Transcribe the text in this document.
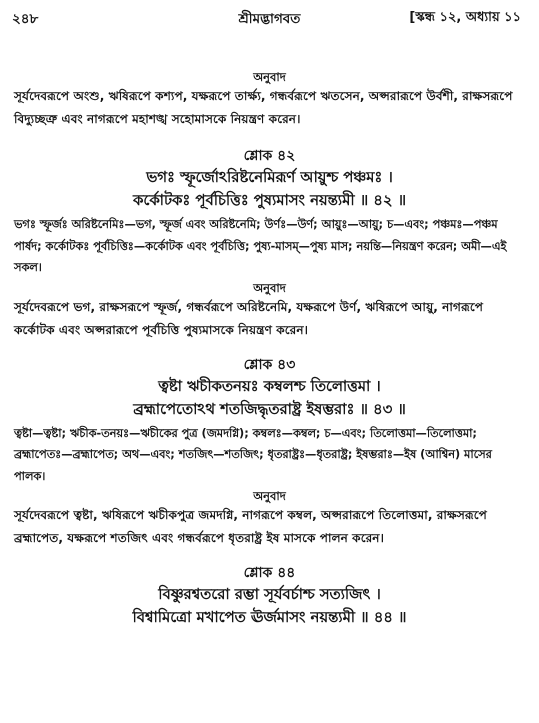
২৪৮	শ্রীমদ্ভাগবত	[স্কন্ধ ১২, অধ্যায় ১১
অনুবাদ
সূর্যদেবরূপে অংশু, ঋষিরূপে কশ্যপ, যক্ষরূপে তার্ক্ষ্য, গন্ধর্বরূপে ঋতসেন, অপ্সরারূপে উর্বশী, রাক্ষসরূপে বিদ্যুচ্ছত্রু এবং নাগরূপে মহাশঙ্খ সহোমাসকে নিয়ন্ত্রণ করেন।
শ্লোক ৪২
ভগঃ স্ফূর্জোঽরিষ্টনেমিরূর্ণ আয়ুশ্চ পঞ্চমঃ ।
কর্কোটকঃ পূর্বচিত্তিঃ পুষ্যমাসং নয়ন্ত্যমী ॥ ৪২ ॥
ভগঃ স্ফূর্জঃ অরিষ্টনেমিঃ—ভগ, স্ফূর্জ এবং অরিষ্টনেমি; উর্ণঃ—উর্ণ; আয়ুঃ—আয়ু; চ—এবং; পঞ্চমঃ—পঞ্চম পার্ষদ; কর্কোটকঃ পূর্বচিত্তিঃ—কর্কোটক এবং পূর্বচিত্তি; পুষ্য-মাসম্—পুষ্য মাস; নয়ন্তি—নিয়ন্ত্রণ করেন; অমী—এই সকল।
অনুবাদ
সূর্যদেবরূপে ভগ, রাক্ষসরূপে স্ফূর্জ, গন্ধর্বরূপে অরিষ্টনেমি, যক্ষরূপে উর্ণ, ঋষিরূপে আয়ু, নাগরূপে কর্কোটক এবং অপ্সরারূপে পূর্বচিত্তি পুষ্যমাসকে নিয়ন্ত্রণ করেন।
শ্লোক ৪৩
ত্বষ্টা ঋচীকতনয়ঃ কম্বলশ্চ তিলোত্তমা ।
ব্রহ্মাপেতোঽথ শতজিদ্ধৃতরাষ্ট্র ইষম্ভরাঃ ॥ ৪৩ ॥
ত্বষ্টা—ত্বষ্টা; ঋচীক-তনয়ঃ—ঋচীকের পুত্র (জমদগ্নি); কম্বলঃ—কম্বল; চ—এবং; তিলোত্তমা—তিলোত্তমা; ব্রহ্মাপেতঃ—ব্রহ্মাপেত; অথ—এবং; শতজিৎ—শতজিৎ; ধৃতরাষ্ট্রঃ—ধৃতরাষ্ট্র; ইষম্ভরাঃ—ইষ (আশ্বিন) মাসের পালক।
অনুবাদ
সূর্যদেবরূপে ত্বষ্টা, ঋষিরূপে ঋচীকপুত্র জমদগ্নি, নাগরূপে কম্বল, অপ্সরারূপে তিলোত্তমা, রাক্ষসরূপে ব্রহ্মাপেত, যক্ষরূপে শতজিৎ এবং গন্ধর্বরূপে ধৃতরাষ্ট্র ইষ মাসকে পালন করেন।
শ্লোক ৪৪
বিষ্ণুরশ্বতরো রম্ভা সূর্যবর্চাশ্চ সত্যজিৎ ।
বিশ্বামিত্রো মখাপেত ঊর্জমাসং নয়ন্ত্যমী ॥ ৪৪ ॥
